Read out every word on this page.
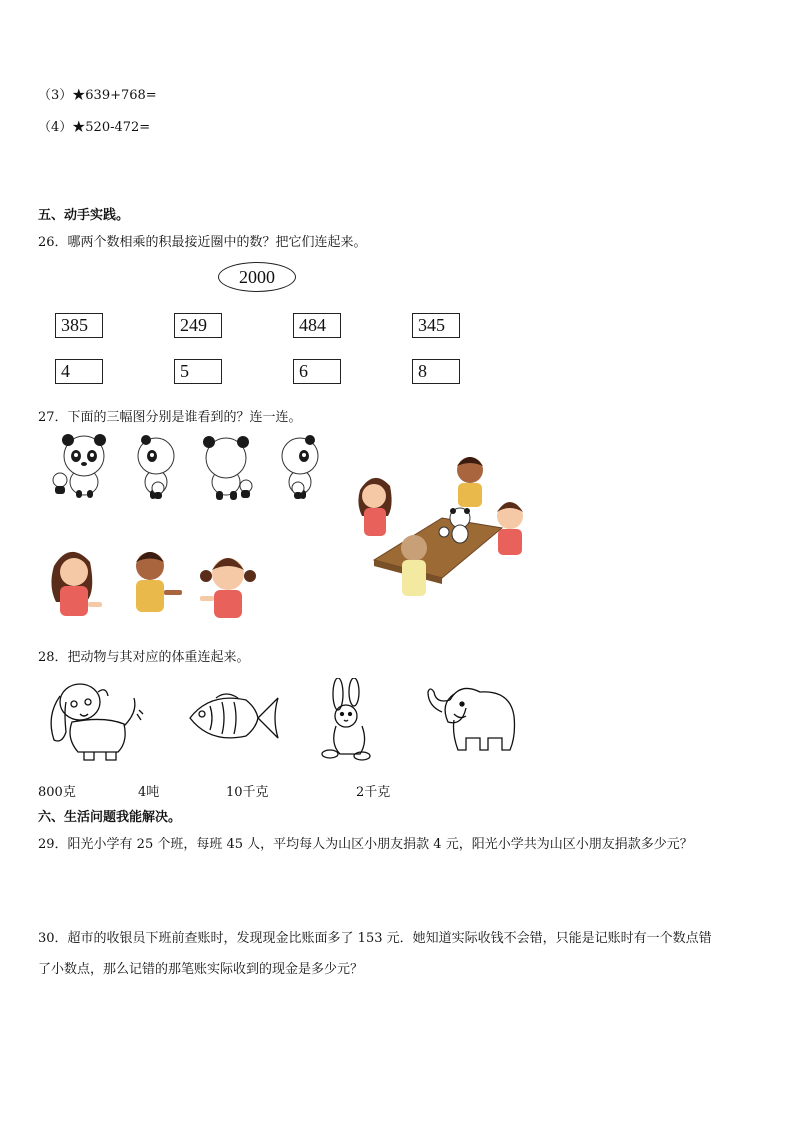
（3）★639+768=
（4）★520-472=
五、动手实践。
26．哪两个数相乘的积最接近圈中的数？把它们连起来。
2000
385	249	484	345
4	5	6	8
27．下面的三幅图分别是谁看到的？连一连。
28．把动物与其对应的体重连起来。
800克	4吨	10千克	2千克
六、生活问题我能解决。
29．阳光小学有 25 个班，每班 45 人，平均每人为山区小朋友捐款 4 元，阳光小学共为山区小朋友捐款多少元？
30．超市的收银员下班前查账时，发现现金比账面多了 153 元．她知道实际收钱不会错，只能是记账时有一个数点错
了小数点，那么记错的那笔账实际收到的现金是多少元？
